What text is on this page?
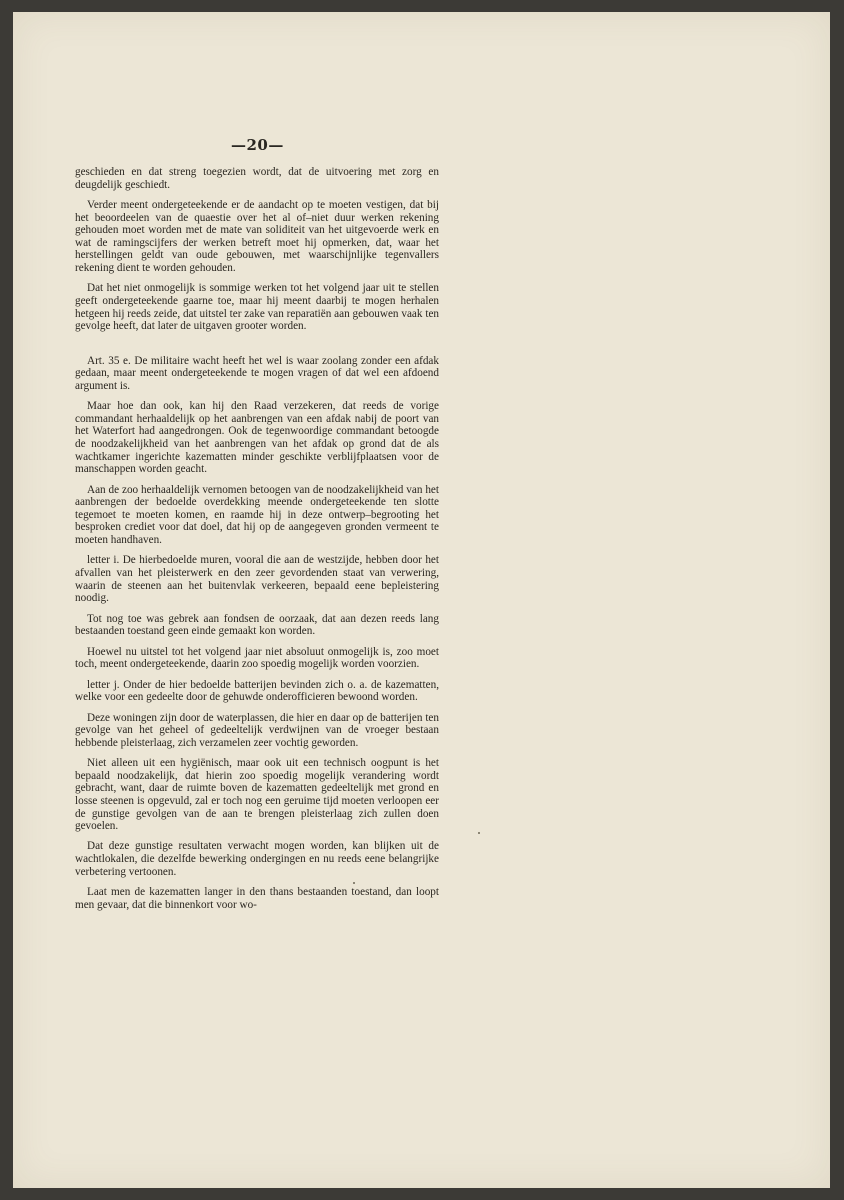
—20—

geschieden en dat streng toegezien wordt, dat de uitvoering met zorg en deugdelijk geschiedt.

Verder meent ondergeteekende er de aandacht op te moeten vestigen, dat bij het beoordeelen van de quaestie over het al of–niet duur werken rekening gehouden moet worden met de mate van soliditeit van het uitgevoerde werk en wat de ramingscijfers der werken betreft moet hij opmerken, dat, waar het herstellingen geldt van oude gebouwen, met waarschijnlijke tegenvallers rekening dient te worden gehouden.

Dat het niet onmogelijk is sommige werken tot het volgend jaar uit te stellen geeft ondergeteekende gaarne toe, maar hij meent daarbij te mogen herhalen hetgeen hij reeds zeide, dat uitstel ter zake van reparatiën aan gebouwen vaak ten gevolge heeft, dat later de uitgaven grooter worden.

Art. 35 e. De militaire wacht heeft het wel is waar zoolang zonder een afdak gedaan, maar meent ondergeteekende te mogen vragen of dat wel een afdoend argument is.

Maar hoe dan ook, kan hij den Raad verzekeren, dat reeds de vorige commandant herhaaldelijk op het aanbrengen van een afdak nabij de poort van het Waterfort had aangedrongen. Ook de tegenwoordige commandant betoogde de noodzakelijkheid van het aanbrengen van het afdak op grond dat de als wachtkamer ingerichte kazematten minder geschikte verblijfplaatsen voor de manschappen worden geacht.

Aan de zoo herhaaldelijk vernomen betoogen van de noodzakelijkheid van het aanbrengen der bedoelde overdekking meende ondergeteekende ten slotte tegemoet te moeten komen, en raamde hij in deze ontwerp–begrooting het besproken crediet voor dat doel, dat hij op de aangegeven gronden vermeent te moeten handhaven.

letter i. De hierbedoelde muren, vooral die aan de westzijde, hebben door het afvallen van het pleisterwerk en den zeer gevordenden staat van verwering, waarin de steenen aan het buitenvlak verkeeren, bepaald eene bepleistering noodig.

Tot nog toe was gebrek aan fondsen de oorzaak, dat aan dezen reeds lang bestaanden toestand geen einde gemaakt kon worden.

Hoewel nu uitstel tot het volgend jaar niet absoluut onmogelijk is, zoo moet toch, meent ondergeteekende, daarin zoo spoedig mogelijk worden voorzien.

letter j. Onder de hier bedoelde batterijen bevinden zich o. a. de kazematten, welke voor een gedeelte door de gehuwde onderofficieren bewoond worden.

Deze woningen zijn door de waterplassen, die hier en daar op de batterijen ten gevolge van het geheel of gedeeltelijk verdwijnen van de vroeger bestaan hebbende pleisterlaag, zich verzamelen zeer vochtig geworden.

Niet alleen uit een hygiënisch, maar ook uit een technisch oogpunt is het bepaald noodzakelijk, dat hierin zoo spoedig mogelijk verandering wordt gebracht, want, daar de ruimte boven de kazematten gedeeltelijk met grond en losse steenen is opgevuld, zal er toch nog een geruime tijd moeten verloopen eer de gunstige gevolgen van de aan te brengen pleisterlaag zich zullen doen gevoelen.

Dat deze gunstige resultaten verwacht mogen worden, kan blijken uit de wachtlokalen, die dezelfde bewerking ondergingen en nu reeds eene belangrijke verbetering vertoonen.

Laat men de kazematten langer in den thans bestaanden toestand, dan loopt men gevaar, dat die binnenkort voor wo-
